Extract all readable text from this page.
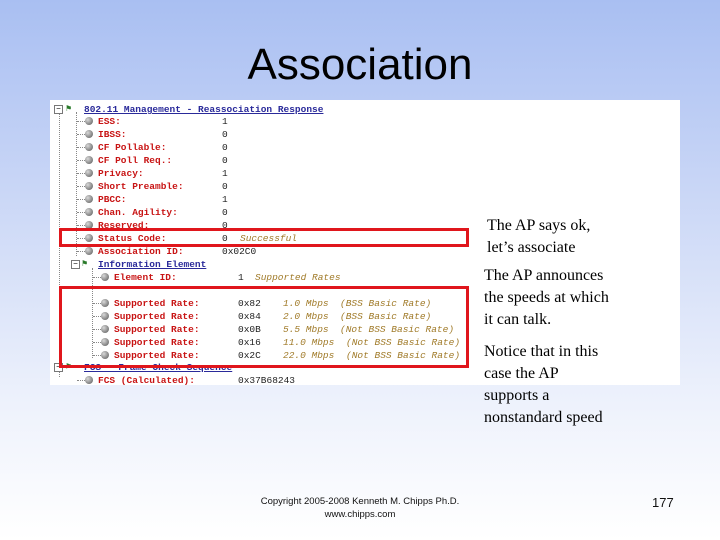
Association
− ⚑	802.11 Management - Reassociation Response
ESS:	1
IBSS:	0
CF Pollable:	0
CF Poll Req.:	0
Privacy:	1
Short Preamble:	0
PBCC:	1
Chan. Agility:	0
Reserved:	0
Status Code:	0 Successful
Association ID:	0x02C0
− ⚑	Information Element
Element ID:	1 Supported Rates
Supported Rate:	0x82 1.0 Mbps (BSS Basic Rate)
Supported Rate:	0x84 2.0 Mbps (BSS Basic Rate)
Supported Rate:	0x0B 5.5 Mbps (Not BSS Basic Rate)
Supported Rate:	0x16 11.0 Mbps (Not BSS Basic Rate)
Supported Rate:	0x2C 22.0 Mbps (Not BSS Basic Rate)
− ⚑	FCS - Frame Check Sequence
FCS (Calculated):	0x37B68243
The AP says ok,
let’s associate
The AP announces
the speeds at which
it can talk.
Notice that in this
case the AP
supports a
nonstandard speed
Copyright 2005-2008 Kenneth M. Chipps Ph.D.
www.chipps.com
177
